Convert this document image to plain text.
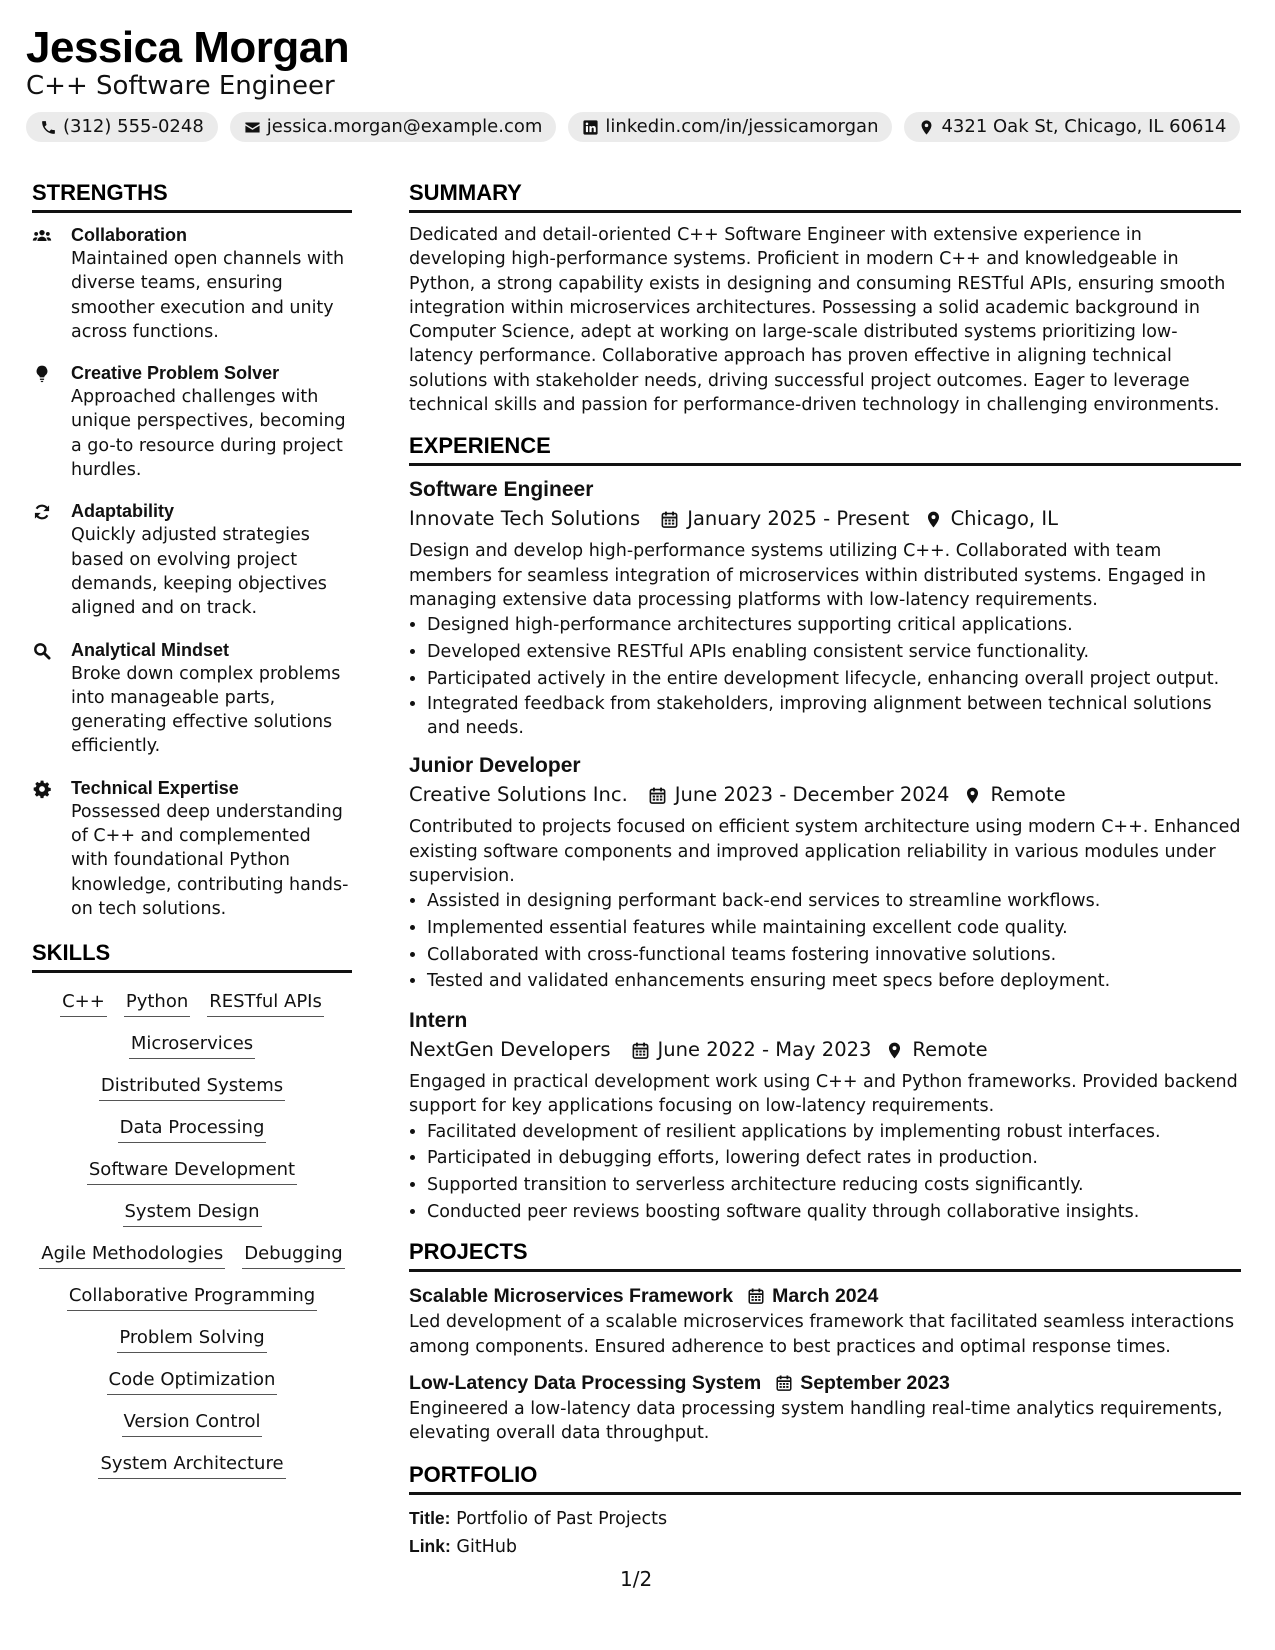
Jessica Morgan
C++ Software Engineer
(312) 555-0248	jessica.morgan@example.com	linkedin.com/in/jessicamorgan	4321 Oak St, Chicago, IL 60614
STRENGTHS
Collaboration
Maintained open channels with diverse teams, ensuring smoother execution and unity across functions.
Creative Problem Solver
Approached challenges with unique perspectives, becoming a go-to resource during project hurdles.
Adaptability
Quickly adjusted strategies based on evolving project demands, keeping objectives aligned and on track.
Analytical Mindset
Broke down complex problems into manageable parts, generating effective solutions efficiently.
Technical Expertise
Possessed deep understanding of C++ and complemented with foundational Python knowledge, contributing hands-on tech solutions.
SKILLS
C++ Python RESTful APIs
Microservices
Distributed Systems
Data Processing
Software Development
System Design
Agile Methodologies Debugging
Collaborative Programming
Problem Solving
Code Optimization
Version Control
System Architecture
SUMMARY
Dedicated and detail-oriented C++ Software Engineer with extensive experience in developing high-performance systems. Proficient in modern C++ and knowledgeable in Python, a strong capability exists in designing and consuming RESTful APIs, ensuring smooth integration within microservices architectures. Possessing a solid academic background in Computer Science, adept at working on large-scale distributed systems prioritizing low-latency performance. Collaborative approach has proven effective in aligning technical solutions with stakeholder needs, driving successful project outcomes. Eager to leverage technical skills and passion for performance-driven technology in challenging environments.
EXPERIENCE
Software Engineer
Innovate Tech Solutions January 2025 - Present Chicago, IL
Design and develop high-performance systems utilizing C++. Collaborated with team members for seamless integration of microservices within distributed systems. Engaged in managing extensive data processing platforms with low-latency requirements.
• Designed high-performance architectures supporting critical applications.
• Developed extensive RESTful APIs enabling consistent service functionality.
• Participated actively in the entire development lifecycle, enhancing overall project output.
• Integrated feedback from stakeholders, improving alignment between technical solutions and needs.
Junior Developer
Creative Solutions Inc. June 2023 - December 2024 Remote
Contributed to projects focused on efficient system architecture using modern C++. Enhanced existing software components and improved application reliability in various modules under supervision.
• Assisted in designing performant back-end services to streamline workflows.
• Implemented essential features while maintaining excellent code quality.
• Collaborated with cross-functional teams fostering innovative solutions.
• Tested and validated enhancements ensuring meet specs before deployment.
Intern
NextGen Developers June 2022 - May 2023 Remote
Engaged in practical development work using C++ and Python frameworks. Provided backend support for key applications focusing on low-latency requirements.
• Facilitated development of resilient applications by implementing robust interfaces.
• Participated in debugging efforts, lowering defect rates in production.
• Supported transition to serverless architecture reducing costs significantly.
• Conducted peer reviews boosting software quality through collaborative insights.
PROJECTS
Scalable Microservices Framework March 2024
Led development of a scalable microservices framework that facilitated seamless interactions among components. Ensured adherence to best practices and optimal response times.
Low-Latency Data Processing System September 2023
Engineered a low-latency data processing system handling real-time analytics requirements, elevating overall data throughput.
PORTFOLIO
Title: Portfolio of Past Projects
Link: GitHub
1/2
